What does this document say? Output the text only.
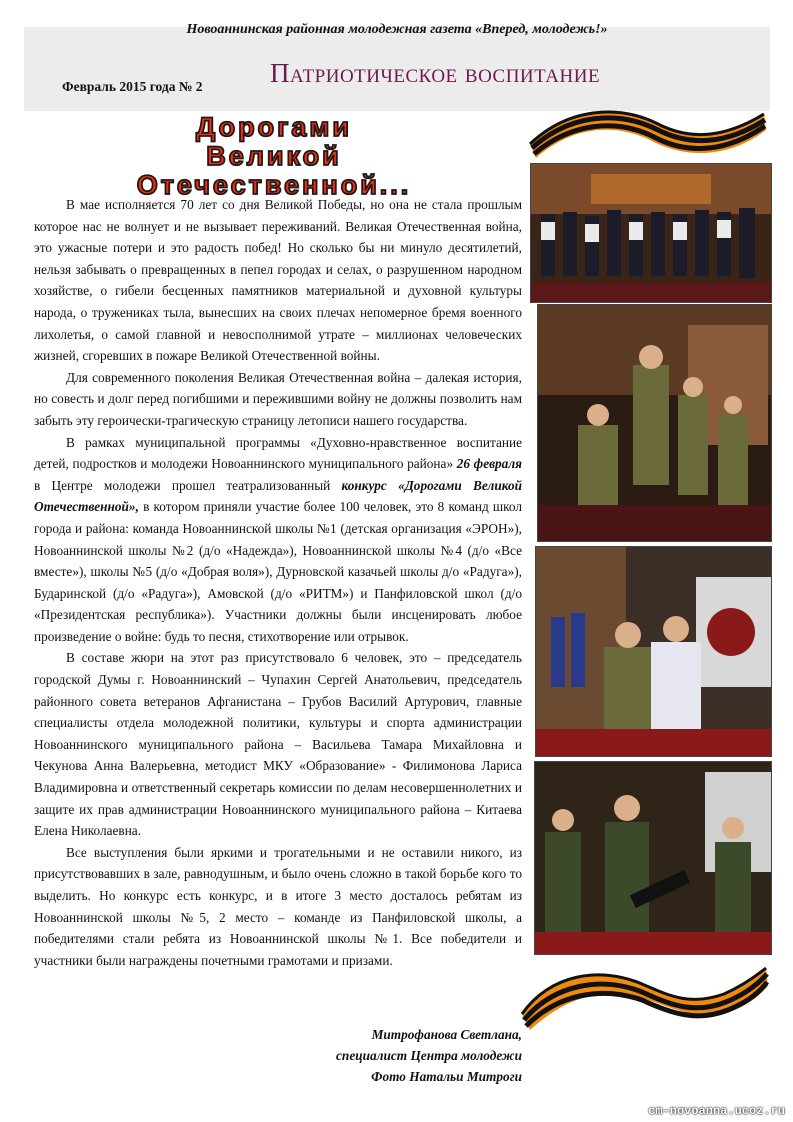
Новоаннинская районная молодежная газета «Вперед, молодежь!»
Февраль 2015 года № 2 Патриотическое воспитание
Дорогами
Великой
Отечественной...

В мае исполняется 70 лет со дня Великой Победы, но она не стала прошлым которое нас не волнует и не вызывает переживаний. Великая Отечественная война, это ужасные потери и это радость побед! Но сколько бы ни минуло десятилетий, нельзя забывать о превращенных в пепел городах и селах, о разрушенном народном хозяйстве, о гибели бесценных памятников материальной и духовной культуры народа, о тружениках тыла, вынесших на своих плечах непомерное бремя военного лихолетья, о самой главной и невосполнимой утрате – миллионах человеческих жизней, сгоревших в пожаре Великой Отечественной войны.

Для современного поколения Великая Отечественная война – далекая история, но совесть и долг перед погибшими и пережившими войну не должны позволить нам забыть эту героически-трагическую страницу летописи нашего государства.

В рамках муниципальной программы «Духовно-нравственное воспитание детей, подростков и молодежи Новоаннинского муниципального района» 26 февраля в Центре молодежи прошел театрализованный конкурс «Дорогами Великой Отечественной», в котором приняли участие более 100 человек, это 8 команд школ города и района: команда Новоаннинской школы №1 (детская организация «ЭРОН»), Новоаннинской школы №2 (д/о «Надежда»), Новоаннинской школы №4 (д/о «Все вместе»), школы №5 (д/о «Добрая воля»), Дурновской казачьей школы д/о «Радуга»), Бударинской (д/о «Радуга»), Амовской (д/о «РИТМ») и Панфиловской школ (д/о «Президентская республика»). Участники должны были инсценировать любое произведение о войне: будь то песня, стихотворение или отрывок.

В составе жюри на этот раз присутствовало 6 человек, это – председатель городской Думы г. Новоаннинский – Чупахин Сергей Анатольевич, председатель районного совета ветеранов Афганистана – Грубов Василий Артурович, главные специалисты отдела молодежной политики, культуры и спорта администрации Новоаннинского муниципального района – Васильева Тамара Михайловна и Чекунова Анна Валерьевна, методист МКУ «Образование» - Филимонова Лариса Владимировна и ответственный секретарь комиссии по делам несовершеннолетних и защите их прав администрации Новоаннинского муниципального района – Китаева Елена Николаевна.

Все выступления были яркими и трогательными и не оставили никого, из присутствовавших в зале, равнодушным, и было очень сложно в такой борьбе кого то выделить. Но конкурс есть конкурс, и в итоге 3 место досталось ребятам из Новоаннинской школы №5, 2 место – команде из Панфиловской школы, а победителями стали ребята из Новоаннинской школы №1. Все победители и участники были награждены почетными грамотами и призами.

Митрофанова Светлана,
специалист Центра молодежи
Фото Натальи Митроги
cm-novoanna.ucoz.ru
